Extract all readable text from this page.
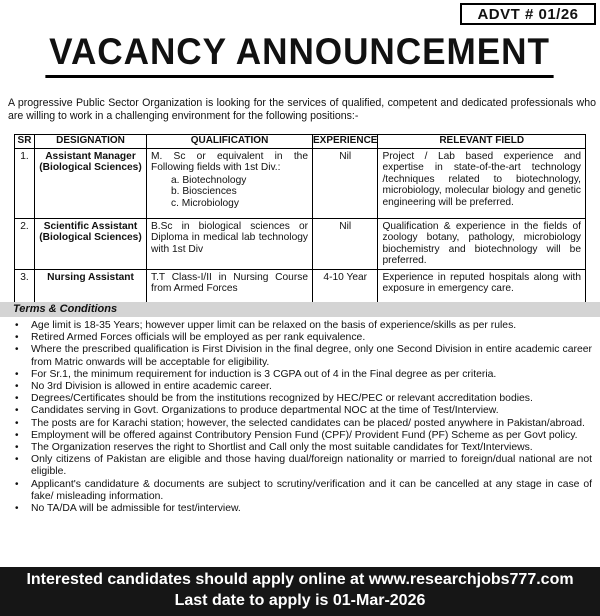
ADVT # 01/26
VACANCY ANNOUNCEMENT
A progressive Public Sector Organization is looking for the services of qualified, competent and dedicated professionals who are willing to work in a challenging environment for the following positions:-
SR	DESIGNATION	QUALIFICATION	EXPERIENCE	RELEVANT FIELD
1.	Assistant Manager (Biological Sciences)	M. Sc or equivalent in the Following fields with 1st Div.:
a. Biotechnology
b. Biosciences
c. Microbiology	Nil	Project / Lab based experience and expertise in state-of-the-art technology /techniques related to biotechnology, microbiology, molecular biology and genetic engineering will be preferred.
2.	Scientific Assistant (Biological Sciences)	B.Sc in biological sciences or Diploma in medical lab technology with 1st Div	Nil	Qualification & experience in the fields of zoology botany, pathology, microbiology biochemistry and biotechnology will be preferred.
3.	Nursing Assistant	T.T Class-I/II in Nursing Course from Armed Forces	4-10 Year	Experience in reputed hospitals along with exposure in emergency care.
Terms & Conditions
• Age limit is 18-35 Years; however upper limit can be relaxed on the basis of experience/skills as per rules.
• Retired Armed Forces officials will be employed as per rank equivalence.
• Where the prescribed qualification is First Division in the final degree, only one Second Division in entire academic career from Matric onwards will be acceptable for eligibility.
• For Sr.1, the minimum requirement for induction is 3 CGPA out of 4 in the Final degree as per criteria.
• No 3rd Division is allowed in entire academic career.
• Degrees/Certificates should be from the institutions recognized by HEC/PEC or relevant accreditation bodies.
• Candidates serving in Govt. Organizations to produce departmental NOC at the time of Test/Interview.
• The posts are for Karachi station; however, the selected candidates can be placed/ posted anywhere in Pakistan/abroad.
• Employment will be offered against Contributory Pension Fund (CPF)/ Provident Fund (PF) Scheme as per Govt policy.
• The Organization reserves the right to Shortlist and Call only the most suitable candidates for Text/Interviews.
• Only citizens of Pakistan are eligible and those having dual/foreign nationality or married to foreign/dual national are not eligible.
• Applicant's candidature & documents are subject to scrutiny/verification and it can be cancelled at any stage in case of fake/ misleading information.
• No TA/DA will be admissible for test/interview.
Interested candidates should apply online at www.researchjobs777.com
Last date to apply is 01-Mar-2026
